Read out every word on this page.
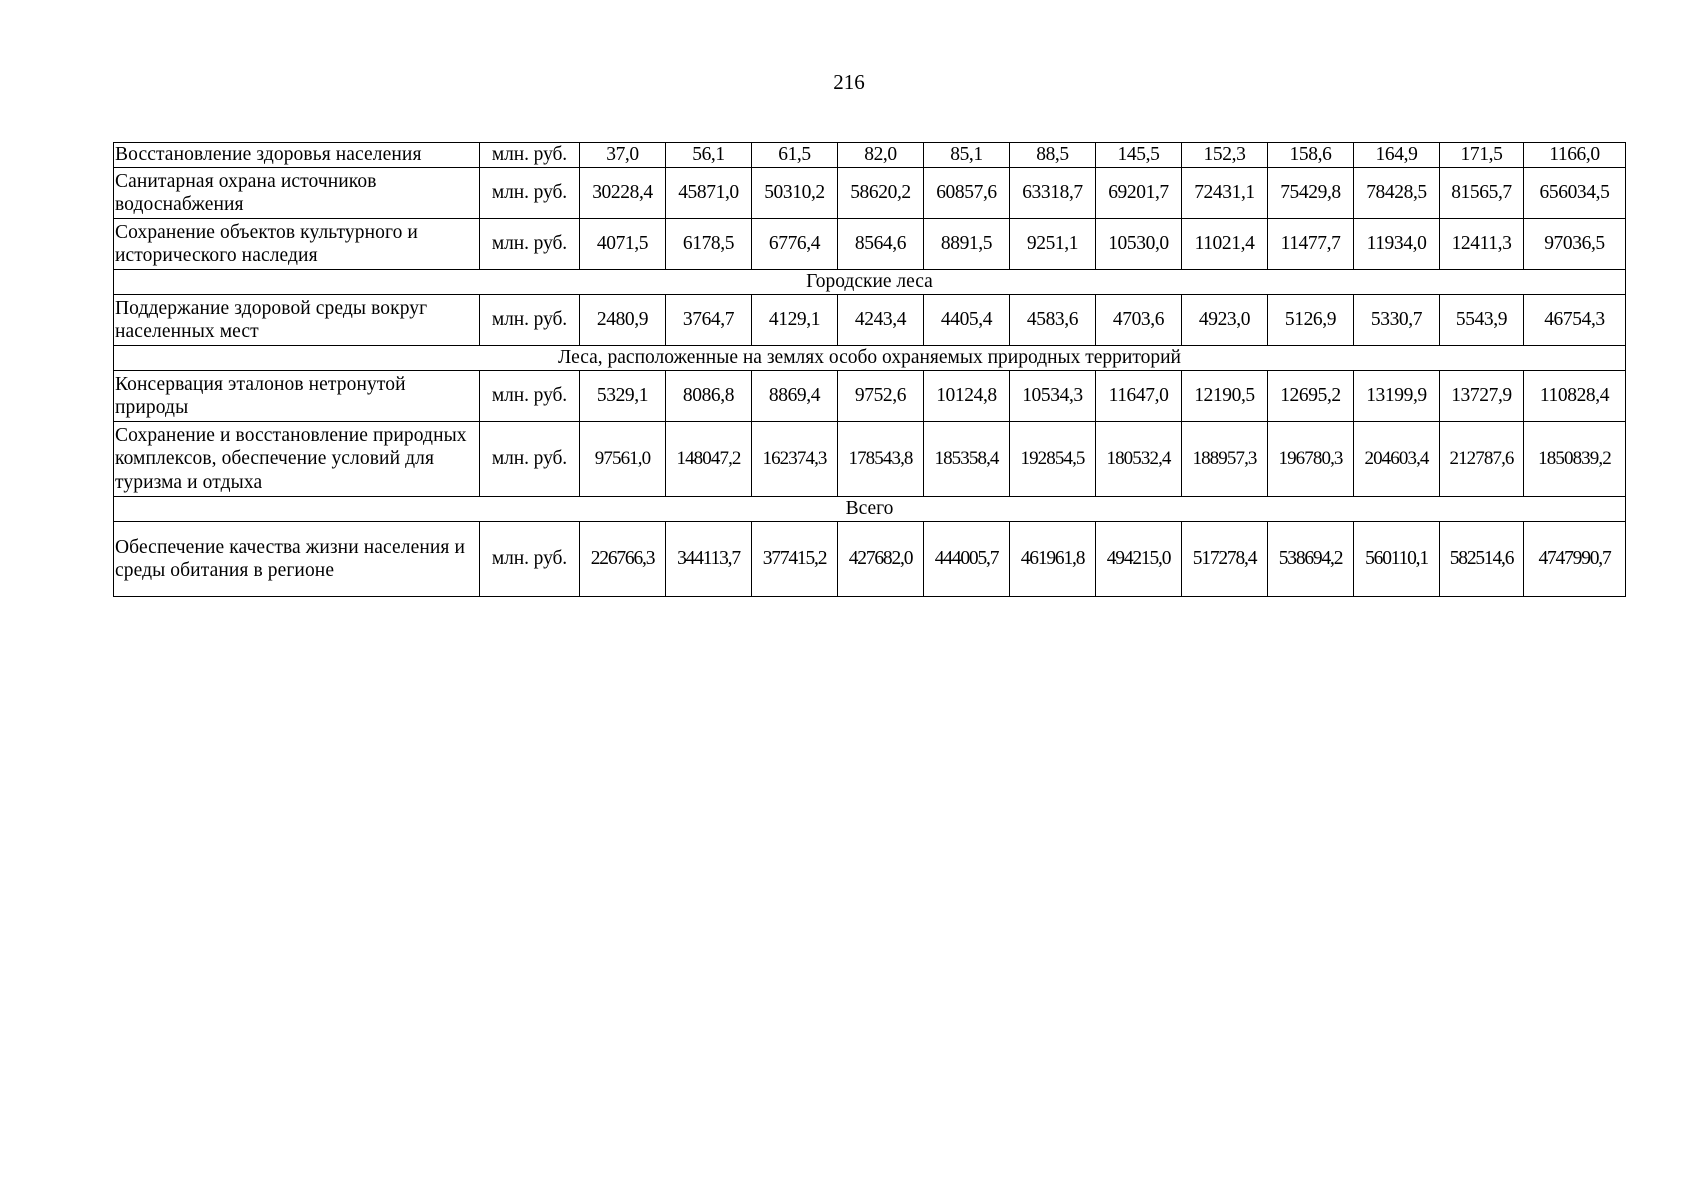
216
Восстановление здоровья населения	млн. руб.	37,0	56,1	61,5	82,0	85,1	88,5	145,5	152,3	158,6	164,9	171,5	1166,0
Санитарная охрана источников водоснабжения	млн. руб.	30228,4	45871,0	50310,2	58620,2	60857,6	63318,7	69201,7	72431,1	75429,8	78428,5	81565,7	656034,5
Сохранение объектов культурного и исторического наследия	млн. руб.	4071,5	6178,5	6776,4	8564,6	8891,5	9251,1	10530,0	11021,4	11477,7	11934,0	12411,3	97036,5
Городские леса													
Поддержание здоровой среды вокруг населенных мест	млн. руб.	2480,9	3764,7	4129,1	4243,4	4405,4	4583,6	4703,6	4923,0	5126,9	5330,7	5543,9	46754,3
Леса, расположенные на землях особо охраняемых природных территорий													
Консервация эталонов нетронутой природы	млн. руб.	5329,1	8086,8	8869,4	9752,6	10124,8	10534,3	11647,0	12190,5	12695,2	13199,9	13727,9	110828,4
Сохранение и восстановление природных комплексов, обеспечение условий для туризма и отдыха	млн. руб.	97561,0	148047,2	162374,3	178543,8	185358,4	192854,5	180532,4	188957,3	196780,3	204603,4	212787,6	1850839,2
Всего													
Обеспечение качества жизни населения и среды обитания в регионе	млн. руб.	226766,3	344113,7	377415,2	427682,0	444005,7	461961,8	494215,0	517278,4	538694,2	560110,1	582514,6	4747990,7
